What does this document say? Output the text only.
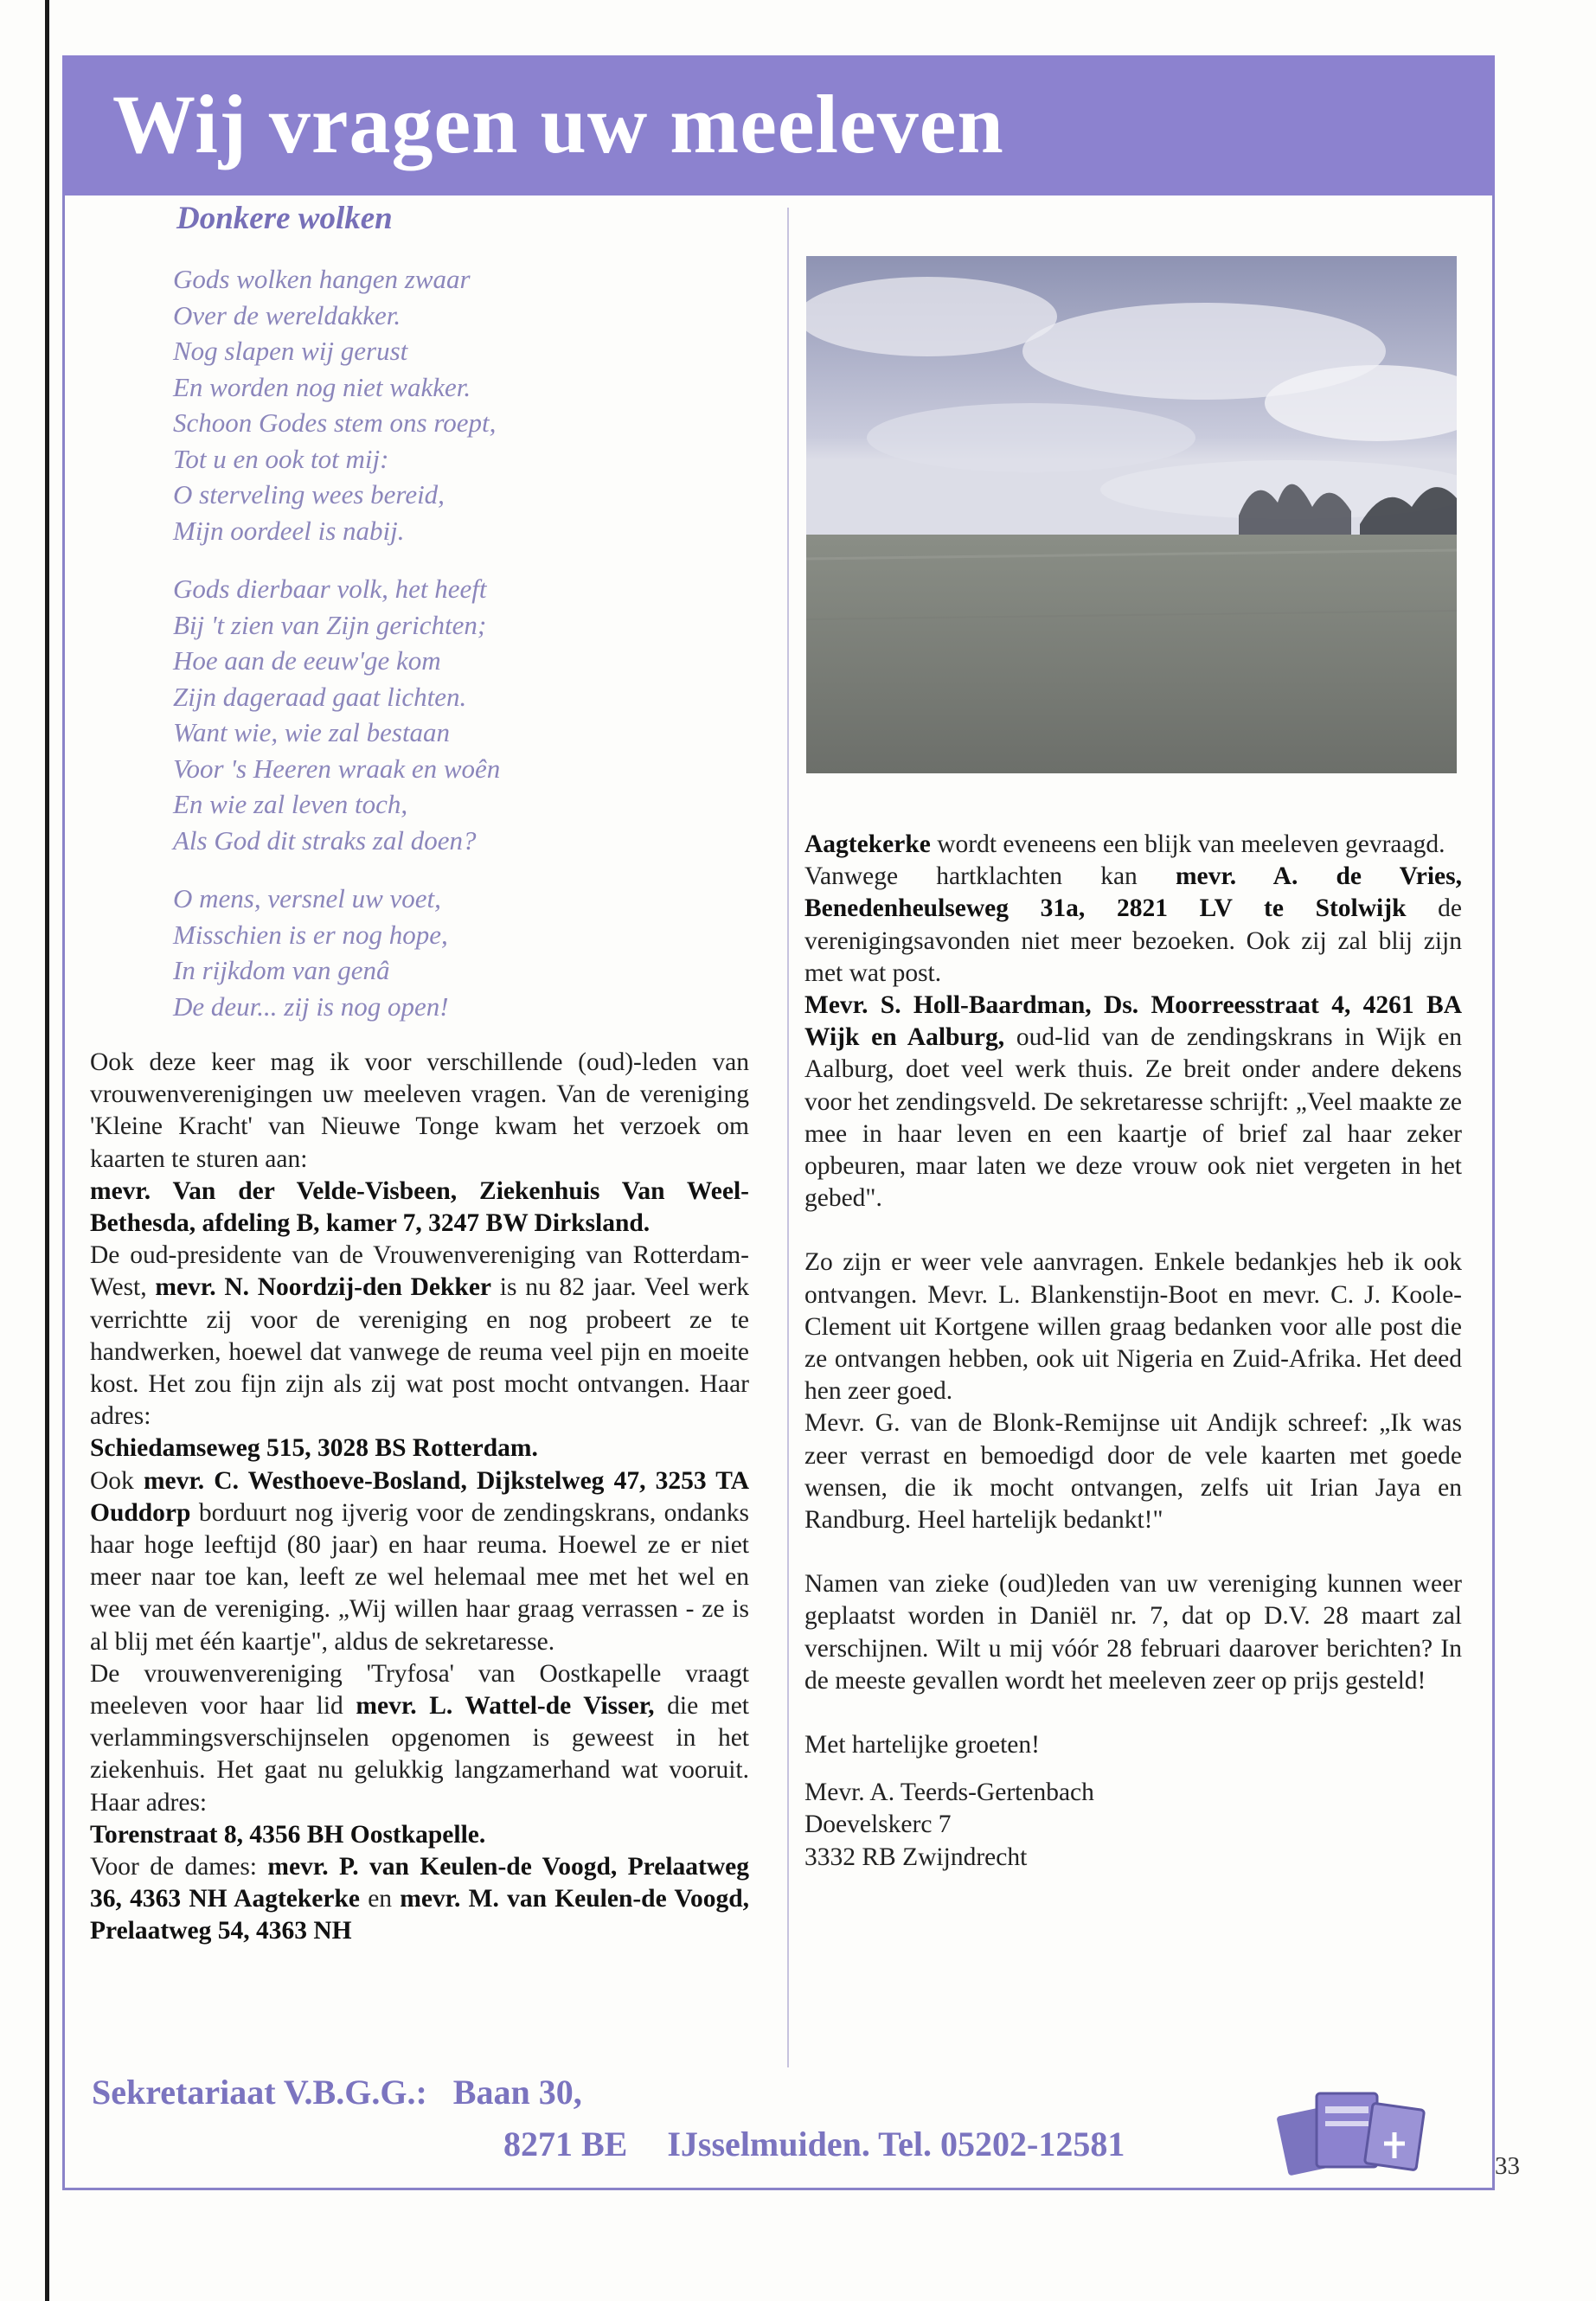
Wij vragen uw meeleven
Donkere wolken
Gods wolken hangen zwaar
Over de wereldakker.
Nog slapen wij gerust
En worden nog niet wakker.
Schoon Godes stem ons roept,
Tot u en ook tot mij:
O sterveling wees bereid,
Mijn oordeel is nabij.
Gods dierbaar volk, het heeft
Bij 't zien van Zijn gerichten;
Hoe aan de eeuw'ge kom
Zijn dageraad gaat lichten.
Want wie, wie zal bestaan
Voor 's Heeren wraak en woên
En wie zal leven toch,
Als God dit straks zal doen?
O mens, versnel uw voet,
Misschien is er nog hope,
In rijkdom van genâ
De deur... zij is nog open!

Ook deze keer mag ik voor verschillende (oud)-leden van vrouwenverenigingen uw meeleven vragen. Van de vereniging 'Kleine Kracht' van Nieuwe Tonge kwam het verzoek om kaarten te sturen aan:

mevr. Van der Velde-Visbeen, Ziekenhuis Van Weel-Bethesda, afdeling B, kamer 7, 3247 BW Dirksland.

De oud-presidente van de Vrouwenvereniging van Rotterdam-West, mevr. N. Noordzij-den Dekker is nu 82 jaar. Veel werk verrichtte zij voor de vereniging en nog probeert ze te handwerken, hoewel dat vanwege de reuma veel pijn en moeite kost. Het zou fijn zijn als zij wat post mocht ontvangen. Haar adres:

Schiedamseweg 515, 3028 BS Rotterdam.

Ook mevr. C. Westhoeve-Bosland, Dijkstelweg 47, 3253 TA Ouddorp borduurt nog ijverig voor de zendingskrans, ondanks haar hoge leeftijd (80 jaar) en haar reuma. Hoewel ze er niet meer naar toe kan, leeft ze wel helemaal mee met het wel en wee van de vereniging. „Wij willen haar graag verrassen - ze is al blij met één kaartje", aldus de sekretaresse.

De vrouwenvereniging 'Tryfosa' van Oostkapelle vraagt meeleven voor haar lid mevr. L. Wattel-de Visser, die met verlammingsverschijnselen opgenomen is geweest in het ziekenhuis. Het gaat nu gelukkig langzamerhand wat vooruit. Haar adres:

Torenstraat 8, 4356 BH Oostkapelle.

Voor de dames: mevr. P. van Keulen-de Voogd, Prelaatweg 36, 4363 NH Aagtekerke en mevr. M. van Keulen-de Voogd, Prelaatweg 54, 4363 NH

Aagtekerke wordt eveneens een blijk van meeleven gevraagd.

Vanwege hartklachten kan mevr. A. de Vries, Benedenheulseweg 31a, 2821 LV te Stolwijk de verenigingsavonden niet meer bezoeken. Ook zij zal blij zijn met wat post.

Mevr. S. Holl-Baardman, Ds. Moorreesstraat 4, 4261 BA Wijk en Aalburg, oud-lid van de zendingskrans in Wijk en Aalburg, doet veel werk thuis. Ze breit onder andere dekens voor het zendingsveld. De sekretaresse schrijft: „Veel maakte ze mee in haar leven en een kaartje of brief zal haar zeker opbeuren, maar laten we deze vrouw ook niet vergeten in het gebed".

Zo zijn er weer vele aanvragen. Enkele bedankjes heb ik ook ontvangen. Mevr. L. Blankenstijn-Boot en mevr. C. J. Koole-Clement uit Kortgene willen graag bedanken voor alle post die ze ontvangen hebben, ook uit Nigeria en Zuid-Afrika. Het deed hen zeer goed.

Mevr. G. van de Blonk-Remijnse uit Andijk schreef: „Ik was zeer verrast en bemoedigd door de vele kaarten met goede wensen, die ik mocht ontvangen, zelfs uit Irian Jaya en Randburg. Heel hartelijk bedankt!"

Namen van zieke (oud)leden van uw vereniging kunnen weer geplaatst worden in Daniël nr. 7, dat op D.V. 28 maart zal verschijnen. Wilt u mij vóór 28 februari daarover berichten? In de meeste gevallen wordt het meeleven zeer op prijs gesteld!

Met hartelijke groeten!

Mevr. A. Teerds-Gertenbach

Doevelskerc 7

3332 RB Zwijndrecht

Sekretariaat V.B.G.G.: Baan 30,
8271 BE IJsselmuiden. Tel. 05202-12581
33
